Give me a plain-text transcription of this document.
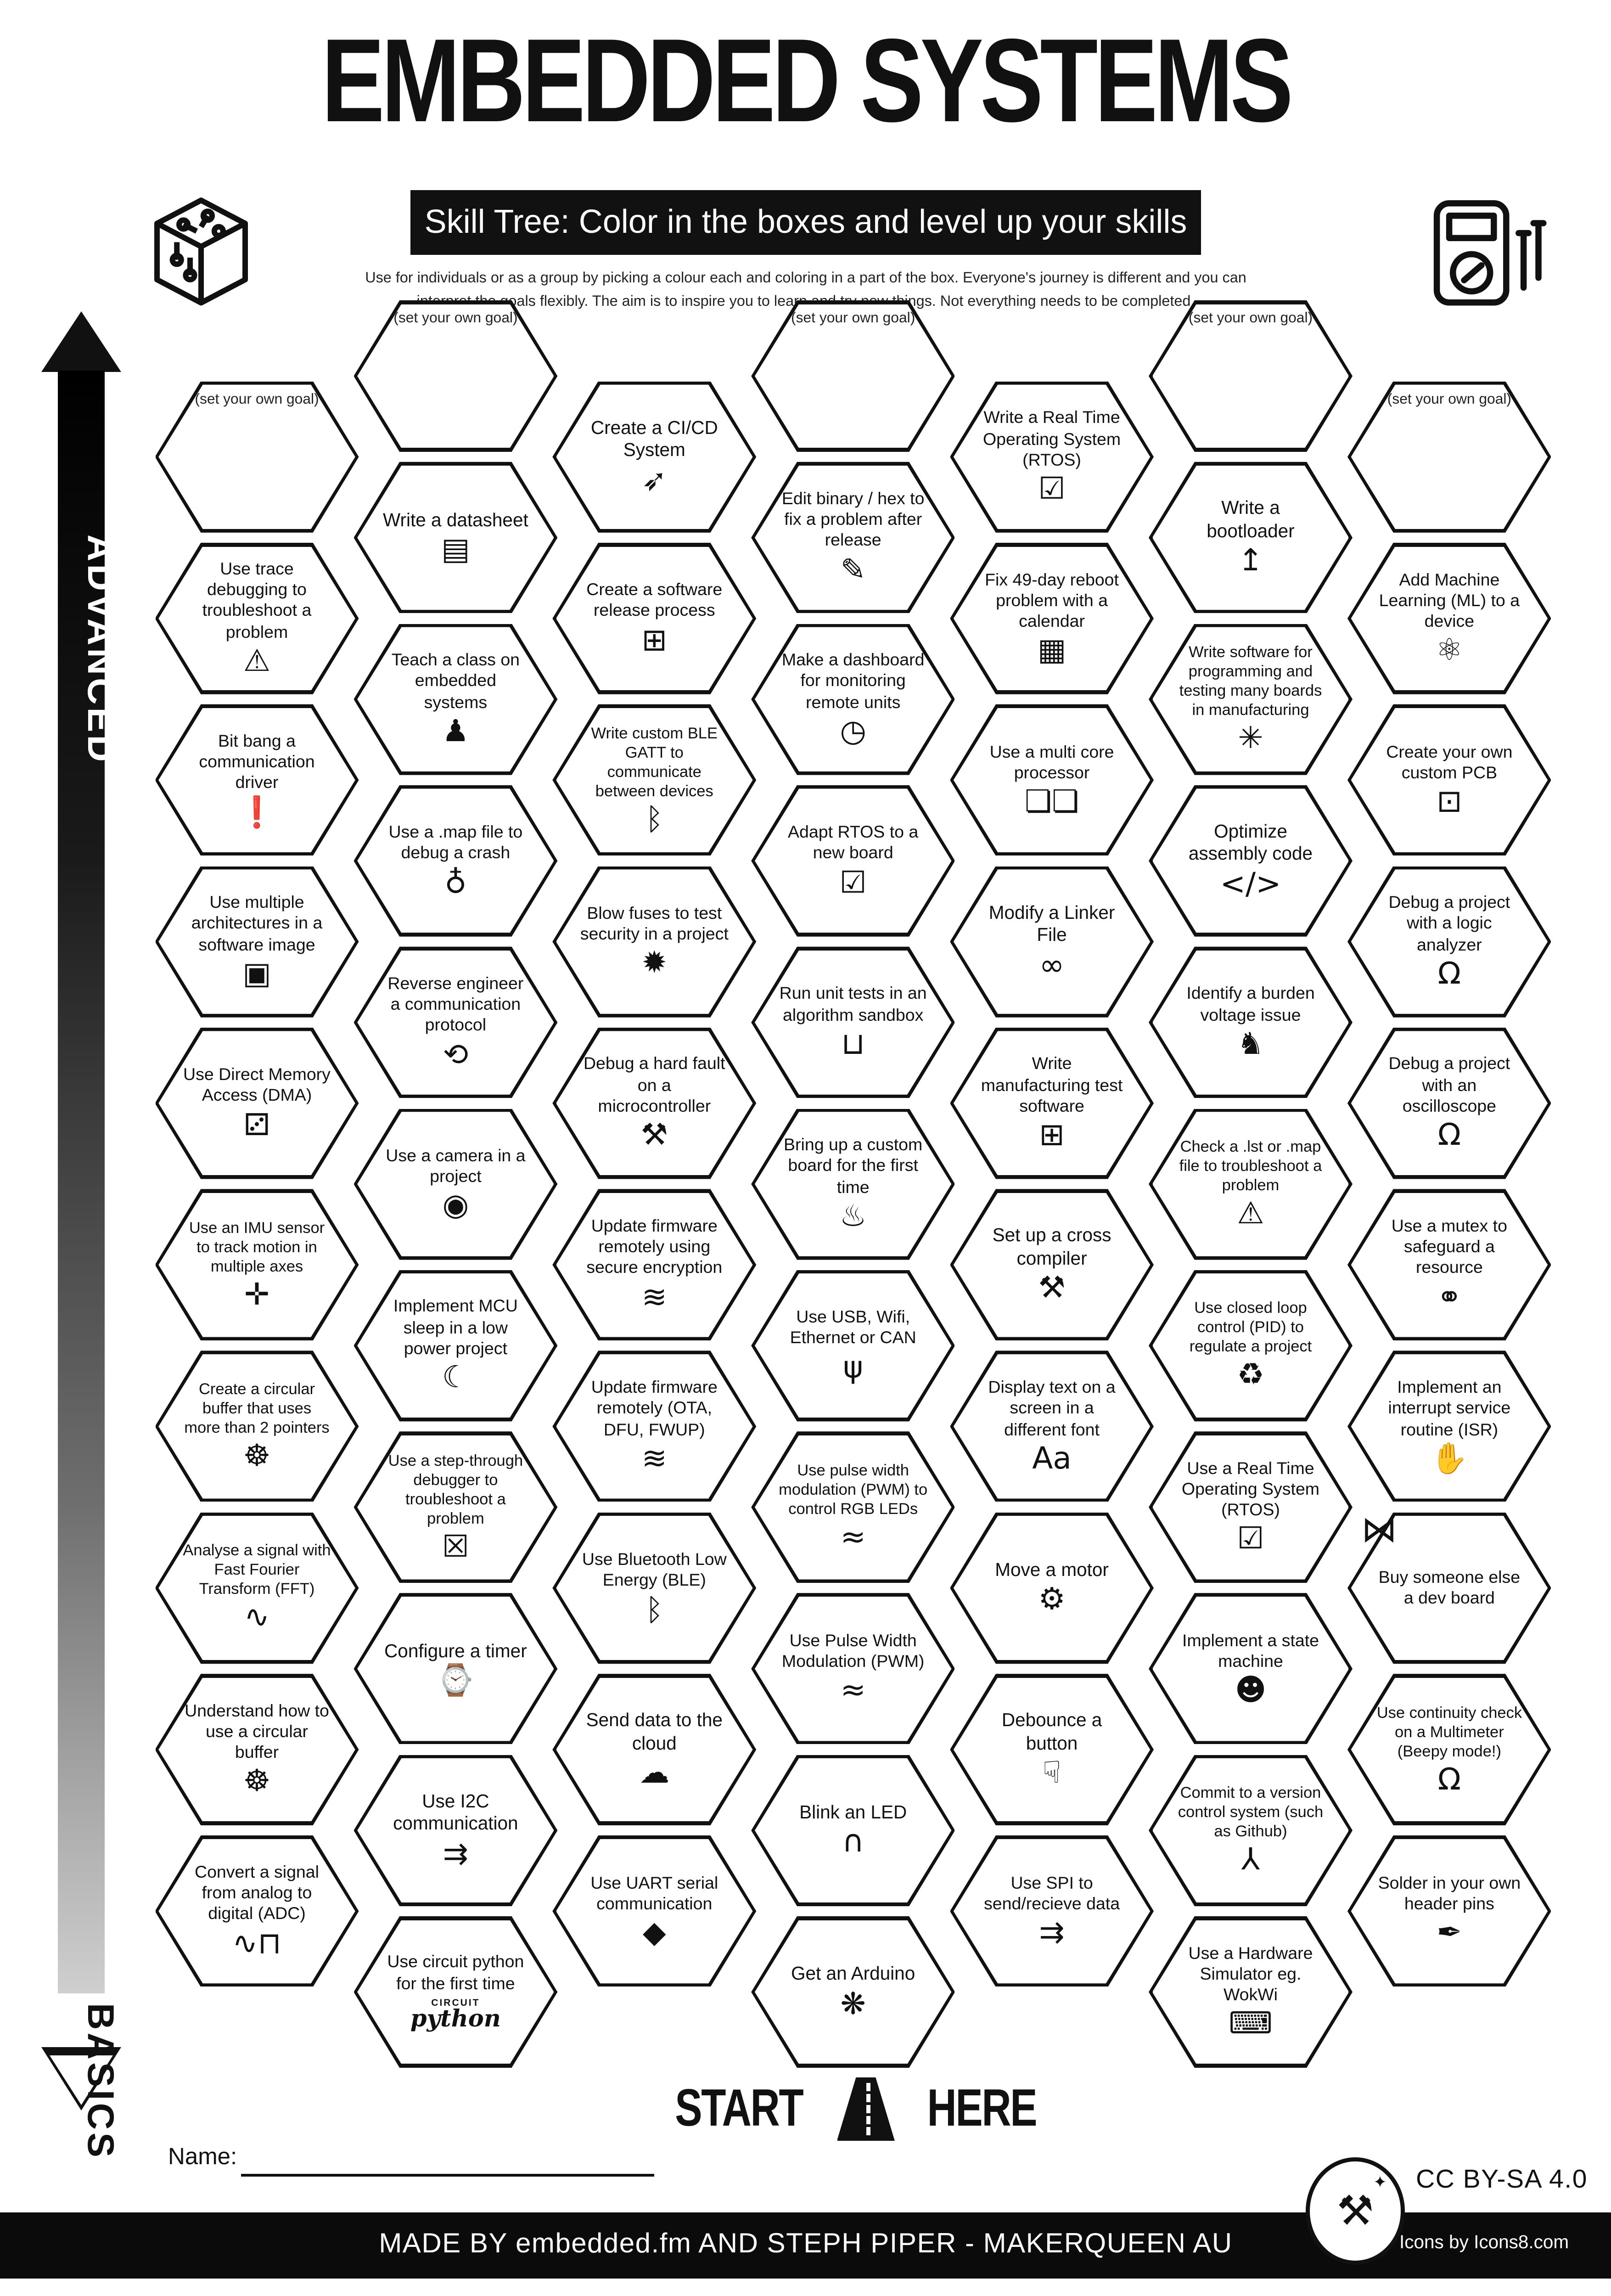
EMBEDDED SYSTEMS
Skill Tree: Color in the boxes and level up your skills
Use for individuals or as a group by picking a colour each and coloring in a part of the box. Everyone's journey is different and you can
goals flexibly. The aim is to inspire you to learn things. Not everything needs to be completed.
ADVANCED
BASICS
(set your own goal)
Use trace debugging to troubleshoot a problem
⚠
Bit bang a communication driver
❗
Use multiple architectures in a software image
▣
Use Direct Memory Access (DMA)
⚂
Use an IMU sensor to track motion in multiple axes
✛
Create a circular buffer that uses more than 2 pointers
☸
Analyse a signal with Fast Fourier Transform (FFT)
∿
Understand how to use a circular buffer
☸
Convert a signal from analog to digital (ADC)
∿⊓
(set your own goal)
Write a datasheet
▤
Teach a class on embedded systems
♟
Use a .map file to debug a crash
♁
Reverse engineer a communication protocol
⟲
Use a camera in a project
◉
Implement MCU sleep in a low power project
☾
Use a step-through debugger to troubleshoot a problem
☒
Configure a timer
⌚
Use I2C communication
⇉
Use circuit python for the first time
CIRCUIT
python
Create a CI/CD System
➶
Create a software release process
⊞
Write custom BLE GATT to communicate between devices
ᛒ
Blow fuses to test security in a project
✹
Debug a hard fault on a microcontroller
⚒
Update firmware remotely using secure encryption
≋
Update firmware remotely (OTA, DFU, FWUP)
≋
Use Bluetooth Low Energy (BLE)
ᛒ
Send data to the cloud
☁
Use UART serial communication
◆
(set your own goal)
Edit binary / hex to fix a problem after release
✎
Make a dashboard for monitoring remote units
◷
Adapt RTOS to a new board
☑
Run unit tests in an algorithm sandbox
⊔
Bring up a custom board for the first time
♨
Use USB, Wifi, Ethernet or CAN
ψ
Use pulse width modulation (PWM) to control RGB LEDs
≈
Use Pulse Width Modulation (PWM)
≈
Blink an LED
∩
Get an Arduino
❋
Write a Real Time Operating System (RTOS)
☑
Fix 49-day reboot problem with a calendar
▦
Use a multi core processor
❏❏
Modify a Linker File
∞
Write manufacturing test software
⊞
Set up a cross compiler
⚒
Display text on a screen in a different font
Aa
Move a motor
⚙
Debounce a button
☟
Use SPI to send/recieve data
⇉
(set your own goal)
Write a bootloader
↥
Write software for programming and testing many boards in manufacturing
✳
Optimize assembly code
</>
Identify a burden voltage issue
♞
Check a .lst or .map file to troubleshoot a problem
⚠
Use closed loop control (PID) to regulate a project
♻
Use a Real Time Operating System (RTOS)
☑
Implement a state machine
☻
Commit to a version control system (such as Github)
⅄
Use a Hardware Simulator eg. WokWi
⌨
(set your own goal)
Add Machine Learning (ML) to a device
⚛
Create your own custom PCB
⊡
Debug a project with a logic analyzer
Ω
Debug a project with an oscilloscope
Ω
Use a mutex to safeguard a resource
⚭
Implement an interrupt service routine (ISR)
✋
Buy someone else a dev board
⋈
Use continuity check on a Multimeter (Beepy mode!)
Ω
Solder in your own header pins
✒
START	HERE
Name:
⚒
✦	CC BY-SA 4.0
MADE BY embedded.fm AND STEPH PIPER - MAKERQUEEN AU	Icons by Icons8.com
